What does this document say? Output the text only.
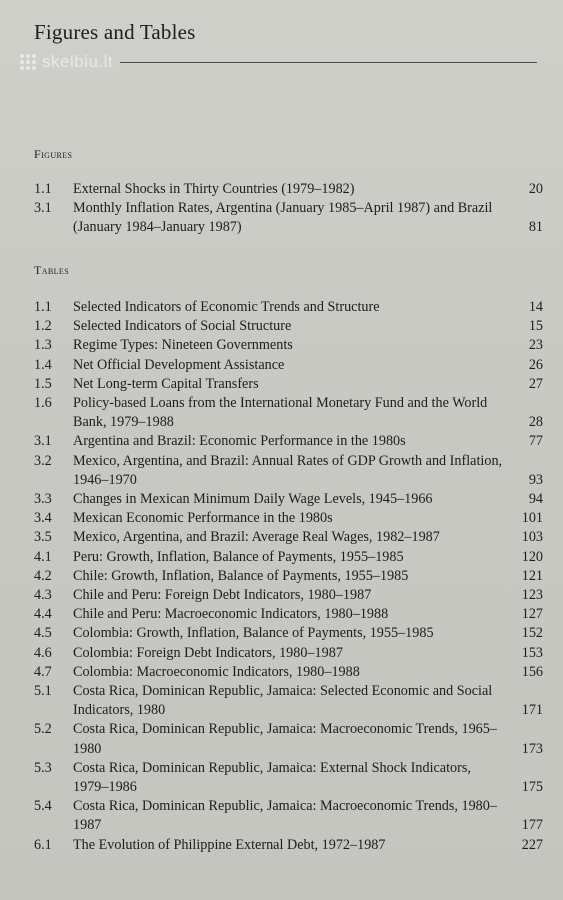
Figures and Tables
skelbiu.lt
Figures
1.1	External Shocks in Thirty Countries (1979–1982)	20
3.1	Monthly Inflation Rates, Argentina (January 1985–April 1987) and Brazil (January 1984–January 1987)	81
Tables
1.1	Selected Indicators of Economic Trends and Structure	14
1.2	Selected Indicators of Social Structure	15
1.3	Regime Types: Nineteen Governments	23
1.4	Net Official Development Assistance	26
1.5	Net Long-term Capital Transfers	27
1.6	Policy-based Loans from the International Monetary Fund and the World Bank, 1979–1988	28
3.1	Argentina and Brazil: Economic Performance in the 1980s	77
3.2	Mexico, Argentina, and Brazil: Annual Rates of GDP Growth and Inflation, 1946–1970	93
3.3	Changes in Mexican Minimum Daily Wage Levels, 1945–1966	94
3.4	Mexican Economic Performance in the 1980s	101
3.5	Mexico, Argentina, and Brazil: Average Real Wages, 1982–1987	103
4.1	Peru: Growth, Inflation, Balance of Payments, 1955–1985	120
4.2	Chile: Growth, Inflation, Balance of Payments, 1955–1985	121
4.3	Chile and Peru: Foreign Debt Indicators, 1980–1987	123
4.4	Chile and Peru: Macroeconomic Indicators, 1980–1988	127
4.5	Colombia: Growth, Inflation, Balance of Payments, 1955–1985	152
4.6	Colombia: Foreign Debt Indicators, 1980–1987	153
4.7	Colombia: Macroeconomic Indicators, 1980–1988	156
5.1	Costa Rica, Dominican Republic, Jamaica: Selected Economic and Social Indicators, 1980	171
5.2	Costa Rica, Dominican Republic, Jamaica: Macroeconomic Trends, 1965–1980	173
5.3	Costa Rica, Dominican Republic, Jamaica: External Shock Indicators, 1979–1986	175
5.4	Costa Rica, Dominican Republic, Jamaica: Macroeconomic Trends, 1980–1987	177
6.1	The Evolution of Philippine External Debt, 1972–1987	227
